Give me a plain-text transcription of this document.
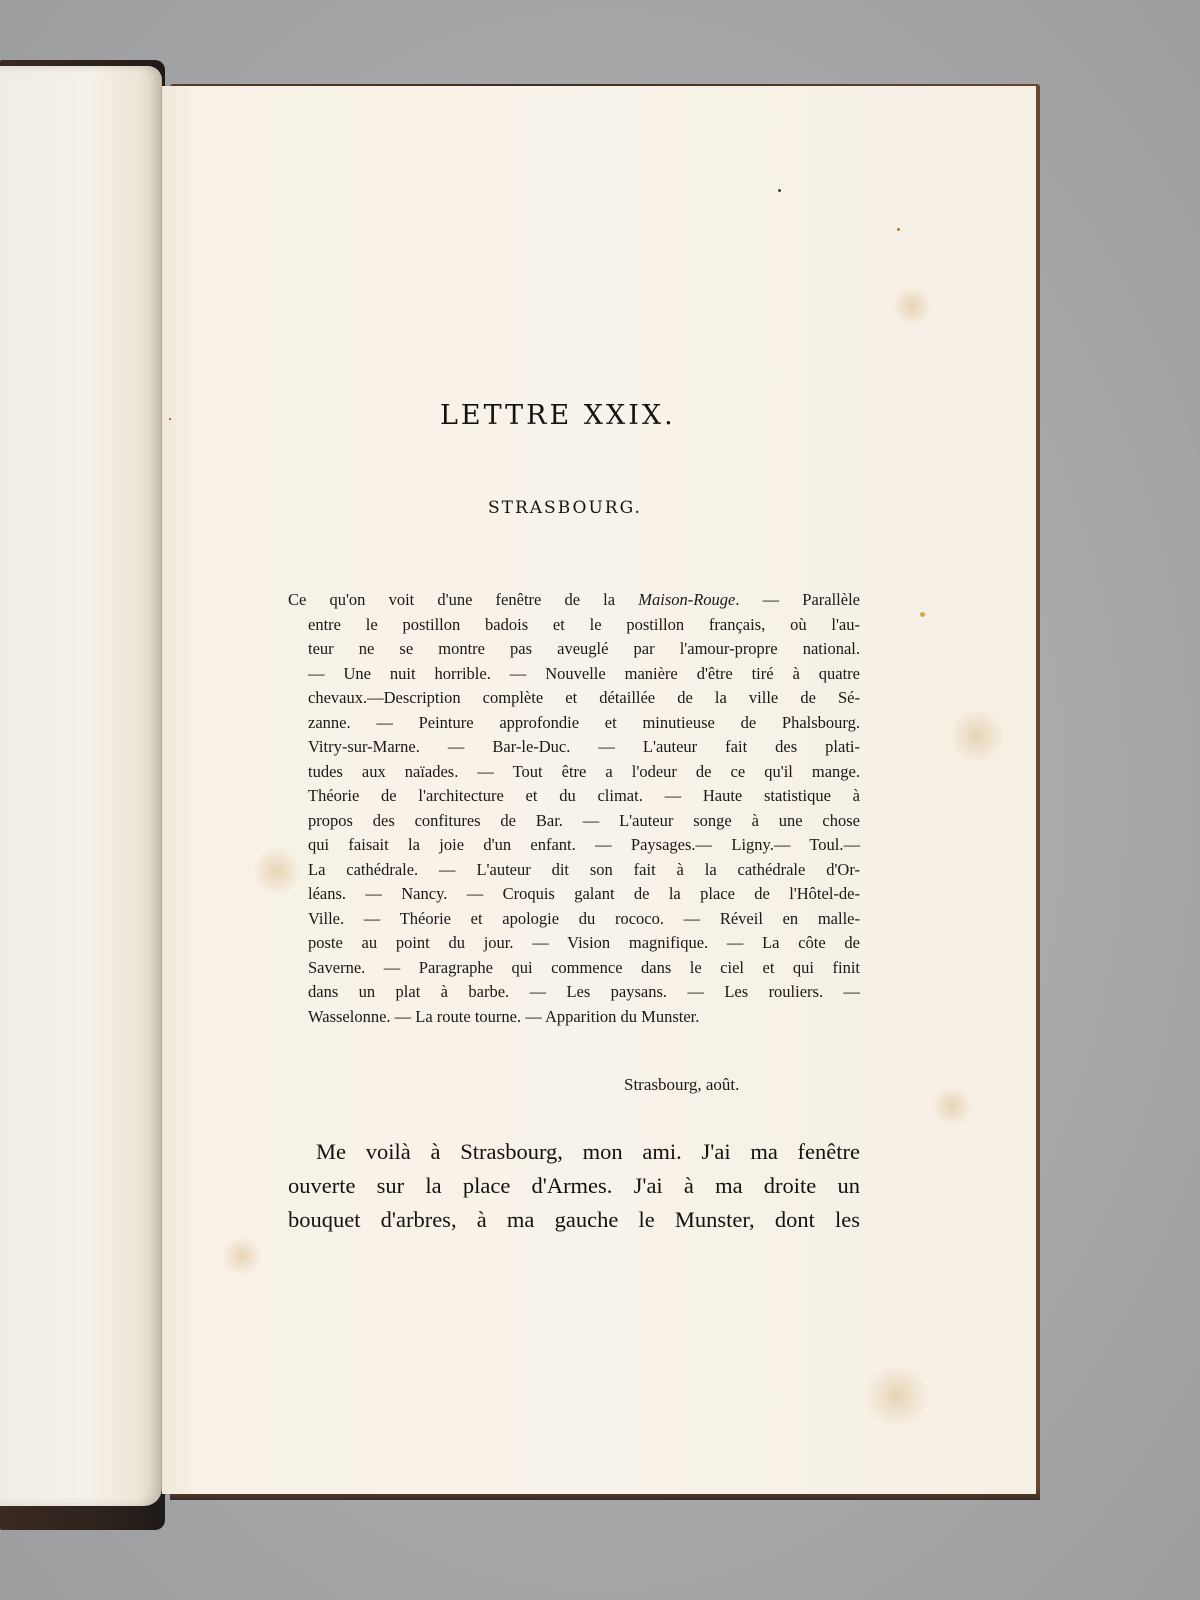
LETTRE XXIX.
STRASBOURG.
Ce qu'on voit d'une fenêtre de la Maison-Rouge. — Parallèle
entre le postillon badois et le postillon français, où l'au-
teur ne se montre pas aveuglé par l'amour-propre national.
— Une nuit horrible. — Nouvelle manière d'être tiré à quatre
chevaux.—Description complète et détaillée de la ville de Sé-
zanne. — Peinture approfondie et minutieuse de Phalsbourg.
Vitry-sur-Marne. — Bar-le-Duc. — L'auteur fait des plati-
tudes aux naïades. — Tout être a l'odeur de ce qu'il mange.
Théorie de l'architecture et du climat. — Haute statistique à
propos des confitures de Bar. — L'auteur songe à une chose
qui faisait la joie d'un enfant. — Paysages.— Ligny.— Toul.—
La cathédrale. — L'auteur dit son fait à la cathédrale d'Or-
léans. — Nancy. — Croquis galant de la place de l'Hôtel-de-
Ville. — Théorie et apologie du rococo. — Réveil en malle-
poste au point du jour. — Vision magnifique. — La côte de
Saverne. — Paragraphe qui commence dans le ciel et qui finit
dans un plat à barbe. — Les paysans. — Les rouliers. —
Wasselonne. — La route tourne. — Apparition du Munster.
Strasbourg, août.
Me voilà à Strasbourg, mon ami. J'ai ma fenêtre
ouverte sur la place d'Armes. J'ai à ma droite un
bouquet d'arbres, à ma gauche le Munster, dont les
